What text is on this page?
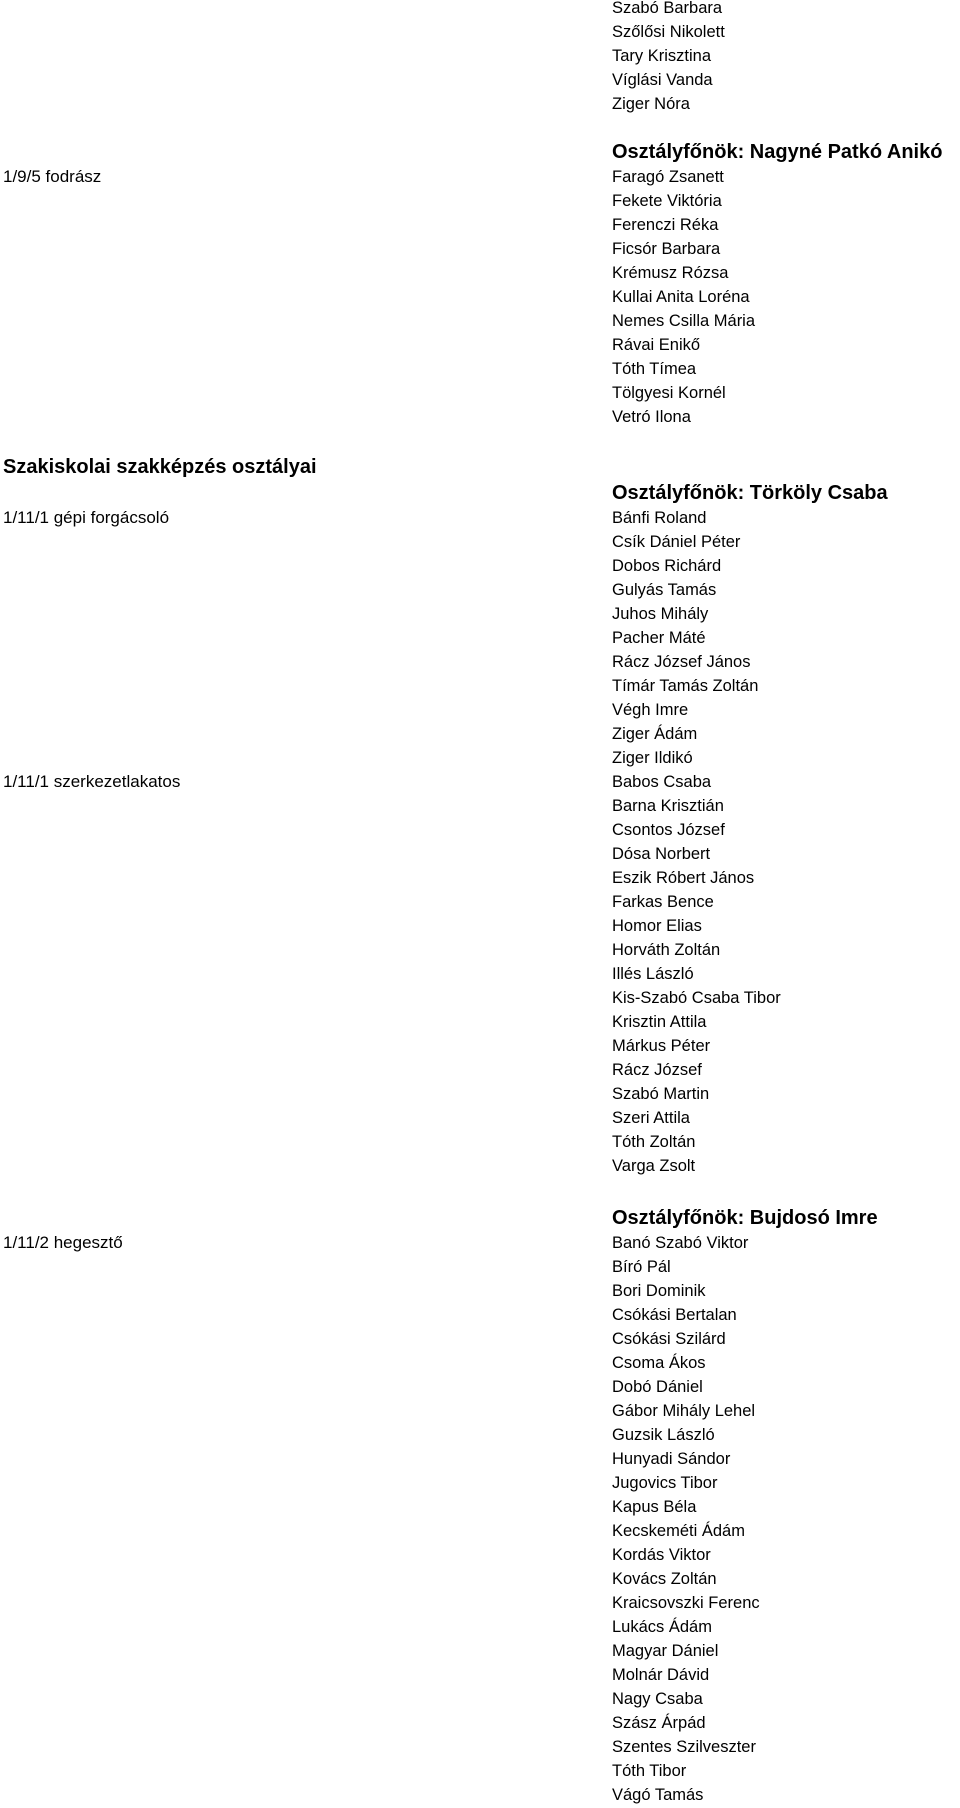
Szabó Barbara
Szőlősi Nikolett
Tary Krisztina
Víglási Vanda
Ziger Nóra
Osztályfőnök: Nagyné Patkó Anikó
1/9/5 fodrász	Faragó Zsanett
Fekete Viktória
Ferenczi Réka
Ficsór Barbara
Krémusz Rózsa
Kullai Anita Loréna
Nemes Csilla Mária
Rávai Enikő
Tóth Tímea
Tölgyesi Kornél
Vetró Ilona
Szakiskolai szakképzés osztályai
Osztályfőnök: Törköly Csaba
1/11/1 gépi forgácsoló	Bánfi Roland
Csík Dániel Péter
Dobos Richárd
Gulyás Tamás
Juhos Mihály
Pacher Máté
Rácz József János
Tímár Tamás Zoltán
Végh Imre
Ziger Ádám
Ziger Ildikó
1/11/1 szerkezetlakatos	Babos Csaba
Barna Krisztián
Csontos József
Dósa Norbert
Eszik Róbert János
Farkas Bence
Homor Elias
Horváth Zoltán
Illés László
Kis-Szabó Csaba Tibor
Krisztin Attila
Márkus Péter
Rácz József
Szabó Martin
Szeri Attila
Tóth Zoltán
Varga Zsolt
Osztályfőnök: Bujdosó Imre
1/11/2 hegesztő	Banó Szabó Viktor
Bíró Pál
Bori Dominik
Csókási Bertalan
Csókási Szilárd
Csoma Ákos
Dobó Dániel
Gábor Mihály Lehel
Guzsik László
Hunyadi Sándor
Jugovics Tibor
Kapus Béla
Kecskeméti Ádám
Kordás Viktor
Kovács Zoltán
Kraicsovszki Ferenc
Lukács Ádám
Magyar Dániel
Molnár Dávid
Nagy Csaba
Szász Árpád
Szentes Szilveszter
Tóth Tibor
Vágó Tamás
